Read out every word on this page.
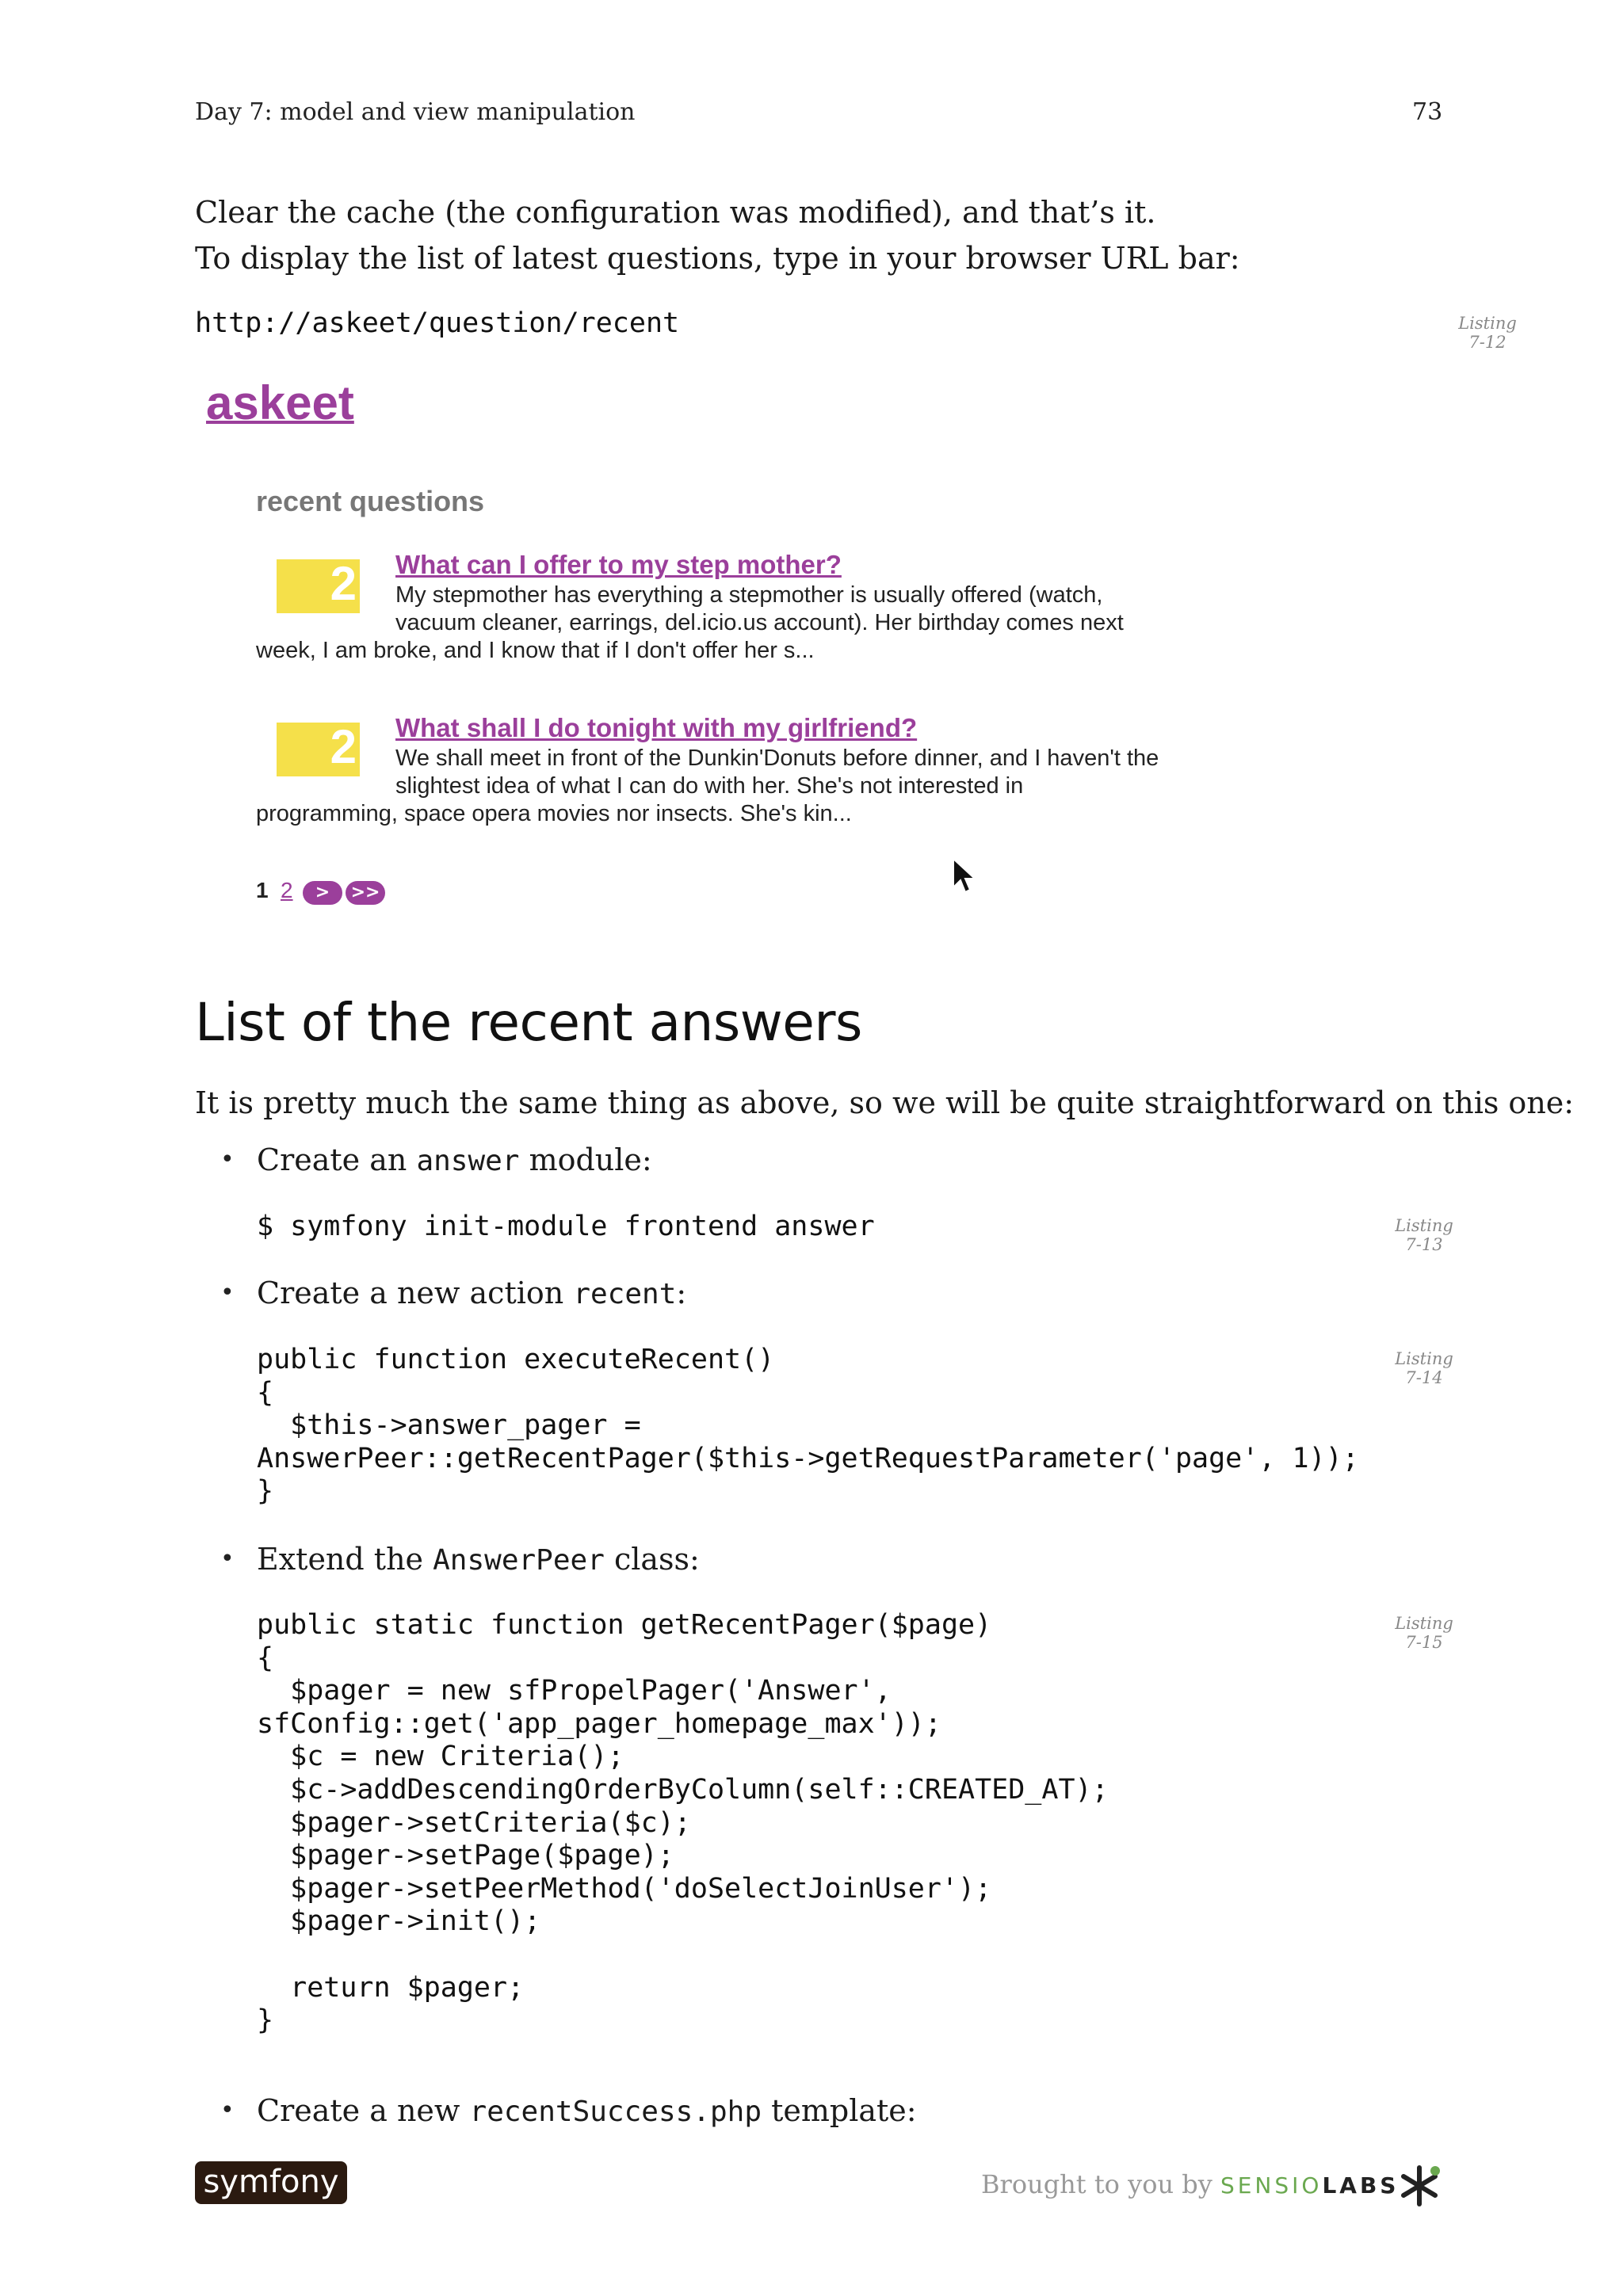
Day 7: model and view manipulation	73
Clear the cache (the configuration was modified), and that’s it.
To display the list of latest questions, type in your browser URL bar:
http://askeet/question/recent	Listing
7-12
askeet
recent questions
2 What can I offer to my step mother?
My stepmother has everything a stepmother is usually offered (watch,
vacuum cleaner, earrings, del.icio.us account). Her birthday comes next
week, I am broke, and I know that if I don't offer her s...
2 What shall I do tonight with my girlfriend?
We shall meet in front of the Dunkin'Donuts before dinner, and I haven't the
slightest idea of what I can do with her. She's not interested in
programming, space opera movies nor insects. She's kin...
1 2	>	>>
List of the recent answers
It is pretty much the same thing as above, so we will be quite straightforward on this one:
• Create an answer module:
$ symfony init-module frontend answer	Listing
7-13
• Create a new action recent:
public function executeRecent()
{
$this->answer_pager =
AnswerPeer::getRecentPager($this->getRequestParameter('page', 1));
}
Listing
7-14
• Extend the AnswerPeer class:
public static function getRecentPager($page)
{
$pager = new sfPropelPager('Answer',
sfConfig::get('app_pager_homepage_max'));
$c = new Criteria();
$c->addDescendingOrderByColumn(self::CREATED_AT);
$pager->setCriteria($c);
$pager->setPage($page);
$pager->setPeerMethod('doSelectJoinUser');
$pager->init();

return $pager;
}
Listing
7-15
• Create a new recentSuccess.php template:
symfony	Brought to you by SENSIOLABS
